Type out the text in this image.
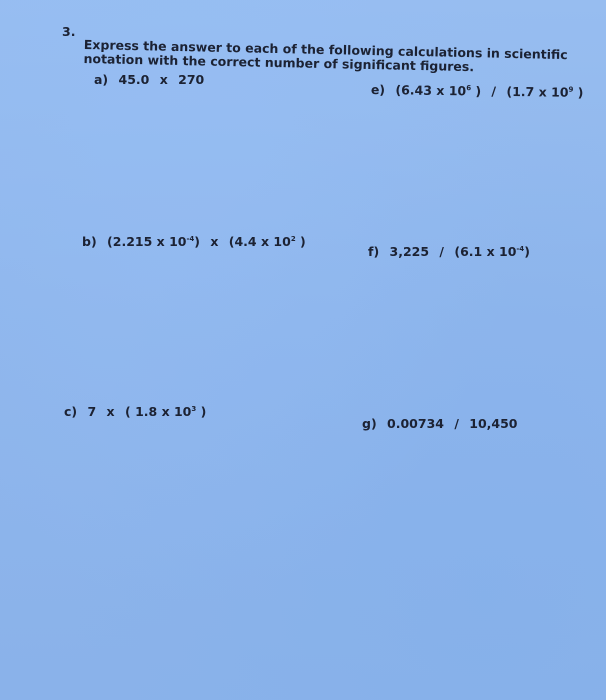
3.
Express the answer to each of the following calculations in scientific notation with the correct number of significant figures.
a) 45.0 x 270
e) (6.43 x $10^6$ ) / (1.7 x $10^9$ )
b) (2.215 x $10^{-4}$) x (4.4 x $10^2$ )
f) 3,225 / (6.1 x $10^{-4}$)
c) 7 x ( 1.8 x $10^3$ )
g) 0.00734 / 10,450
